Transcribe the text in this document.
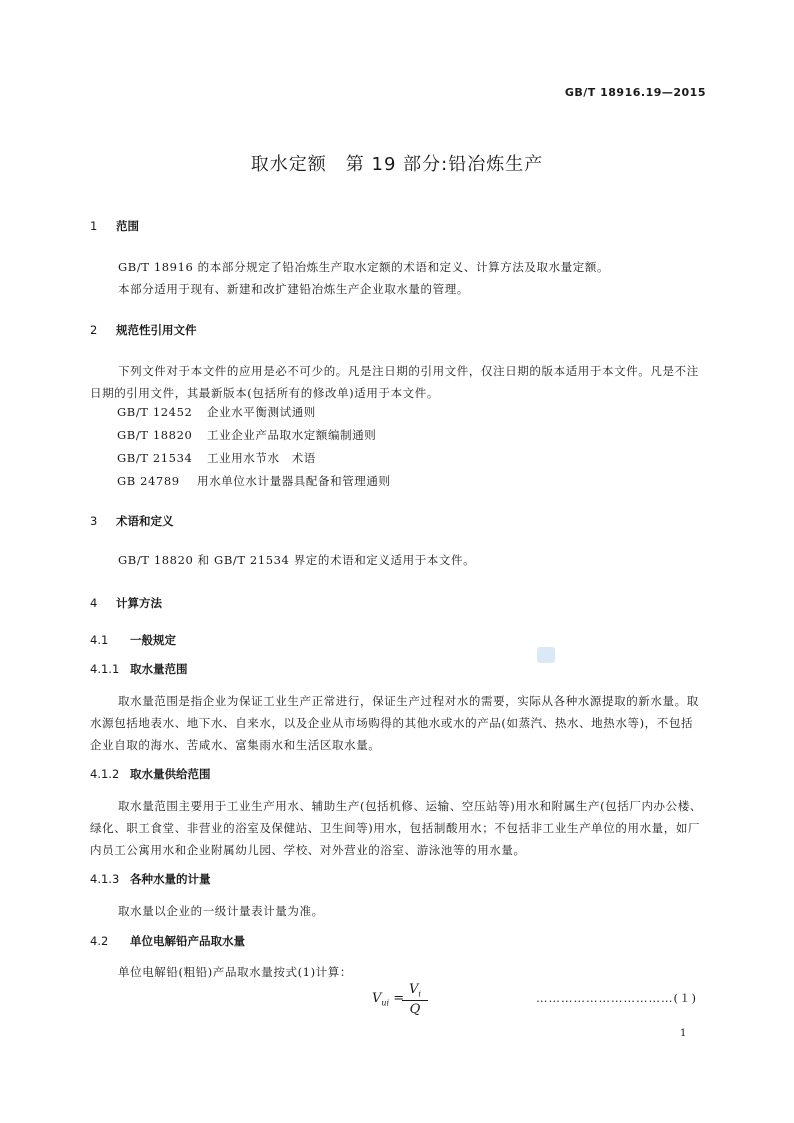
GB/T 18916.19—2015
取水定额　第 19 部分:铅冶炼生产
1 范围
GB/T 18916 的本部分规定了铅冶炼生产取水定额的术语和定义、计算方法及取水量定额。
本部分适用于现有、新建和改扩建铅冶炼生产企业取水量的管理。
2 规范性引用文件
下列文件对于本文件的应用是必不可少的。凡是注日期的引用文件，仅注日期的版本适用于本文件。凡是不注日期的引用文件，其最新版本(包括所有的修改单)适用于本文件。
GB/T 12452 企业水平衡测试通则
GB/T 18820 工业企业产品取水定额编制通则
GB/T 21534 工业用水节水　术语
GB 24789 用水单位水计量器具配备和管理通则
3 术语和定义
GB/T 18820 和 GB/T 21534 界定的术语和定义适用于本文件。
4 计算方法
4.1 一般规定
4.1.1 取水量范围
取水量范围是指企业为保证工业生产正常进行，保证生产过程对水的需要，实际从各种水源提取的新水量。取水源包括地表水、地下水、自来水，以及企业从市场购得的其他水或水的产品(如蒸汽、热水、地热水等)，不包括企业自取的海水、苦咸水、富集雨水和生活区取水量。
4.1.2 取水量供给范围
取水量范围主要用于工业生产用水、辅助生产(包括机修、运输、空压站等)用水和附属生产(包括厂内办公楼、绿化、职工食堂、非营业的浴室及保健站、卫生间等)用水，包括制酸用水；不包括非工业生产单位的用水量，如厂内员工公寓用水和企业附属幼儿园、学校、对外营业的浴室、游泳池等的用水量。
4.1.3 各种水量的计量
取水量以企业的一级计量表计量为准。
4.2 单位电解铅产品取水量
单位电解铅(粗铅)产品取水量按式(1)计算：
$V_{ui}$ =
$V_i$
Q
……………………………(１)
1
